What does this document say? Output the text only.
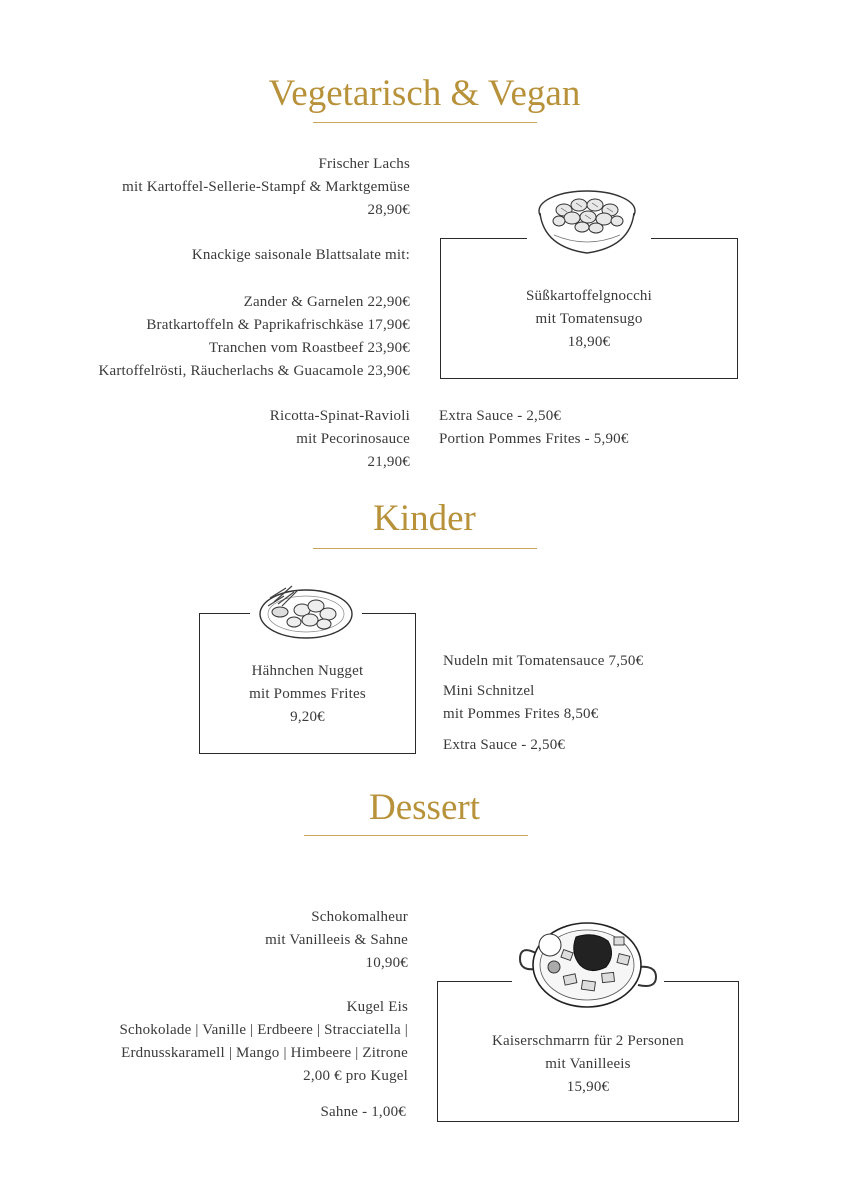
Vegetarisch & Vegan
Frischer Lachs
mit Kartoffel-Sellerie-Stampf & Marktgemüse
28,90€
Knackige saisonale Blattsalate mit:
Zander & Garnelen 22,90€
Bratkartoffeln & Paprikafrischkäse 17,90€
Tranchen vom Roastbeef 23,90€
Kartoffelrösti, Räucherlachs & Guacamole 23,90€
Ricotta-Spinat-Ravioli
mit Pecorinosauce
21,90€
Süßkartoffelgnocchi
mit Tomatensugo
18,90€
Extra Sauce - 2,50€
Portion Pommes Frites - 5,90€
Kinder
Hähnchen Nugget
mit Pommes Frites
9,20€
Nudeln mit Tomatensauce 7,50€
Mini Schnitzel
mit Pommes Frites 8,50€
Extra Sauce - 2,50€
Dessert
Schokomalheur
mit Vanilleeis & Sahne
10,90€
Kugel Eis
Schokolade | Vanille | Erdbeere | Stracciatella |
Erdnusskaramell | Mango | Himbeere | Zitrone
2,00 € pro Kugel
Sahne - 1,00€
Kaiserschmarrn für 2 Personen
mit Vanilleeis
15,90€
